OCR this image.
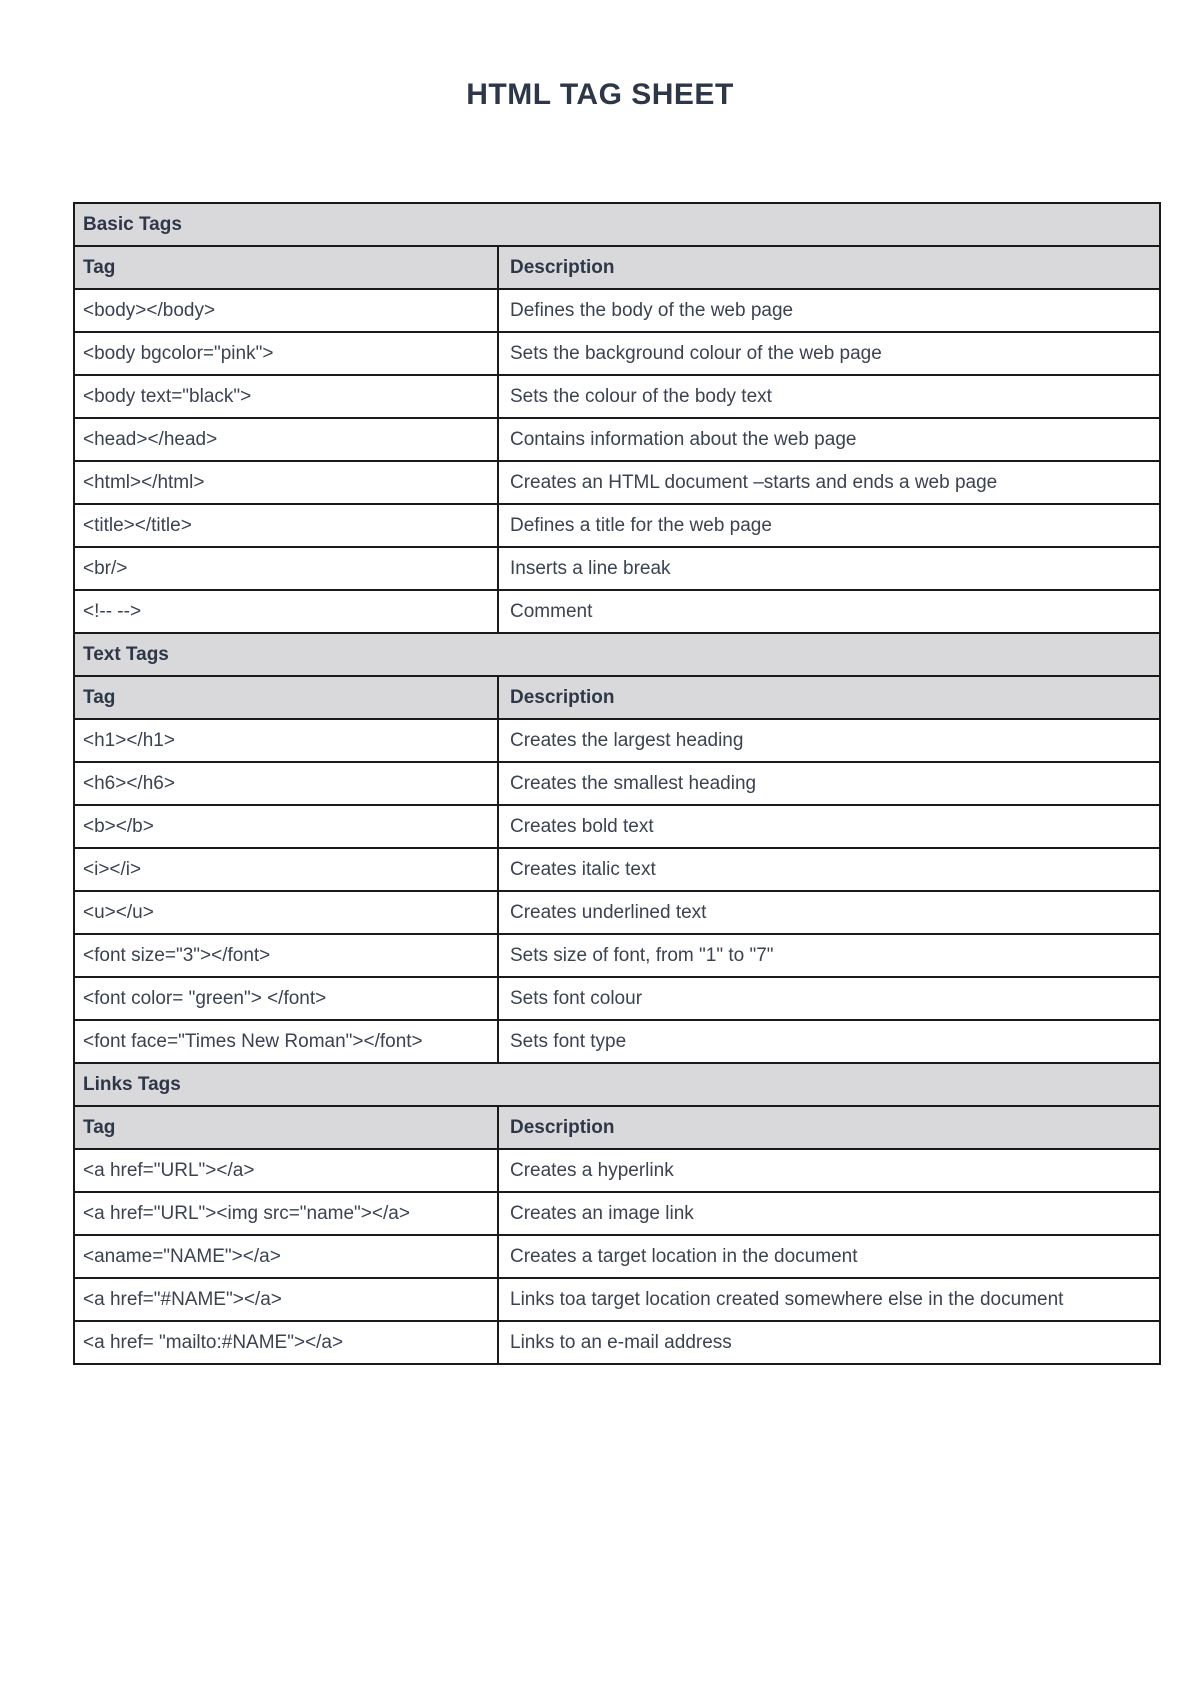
HTML TAG SHEET
Basic Tags	
Tag	Description
<body></body>	Defines the body of the web page
<body bgcolor="pink">	Sets the background colour of the web page
<body text="black">	Sets the colour of the body text
<head></head>	Contains information about the web page
<html></html>	Creates an HTML document –starts and ends a web page
<title></title>	Defines a title for the web page
<br/>	Inserts a line break
<!-- -->	Comment
Text Tags	
Tag	Description
<h1></h1>	Creates the largest heading
<h6></h6>	Creates the smallest heading
<b></b>	Creates bold text
<i></i>	Creates italic text
<u></u>	Creates underlined text
<font size="3"></font>	Sets size of font, from "1" to "7"
<font color= "green"> </font>	Sets font colour
<font face="Times New Roman"></font>	Sets font type
Links Tags	
Tag	Description
<a href="URL"></a>	Creates a hyperlink
<a href="URL"><img src="name"></a>	Creates an image link
<aname="NAME"></a>	Creates a target location in the document
<a href="#NAME"></a>	Links toa target location created somewhere else in the document
<a href= "mailto:#NAME"></a>	Links to an e-mail address
